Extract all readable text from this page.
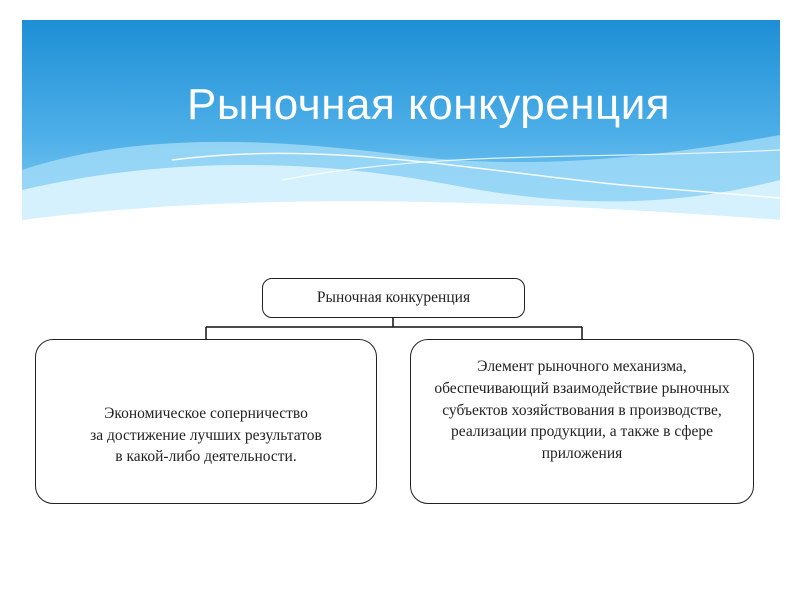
Рыночная конкуренция
Рыночная конкуренция
Экономическое соперничество
за достижение лучших результатов
в какой-либо деятельности.
Элемент рыночного механизма,
обеспечивающий взаимодействие рыночных
субъектов хозяйствования в производстве,
реализации продукции, а также в сфере
приложения
